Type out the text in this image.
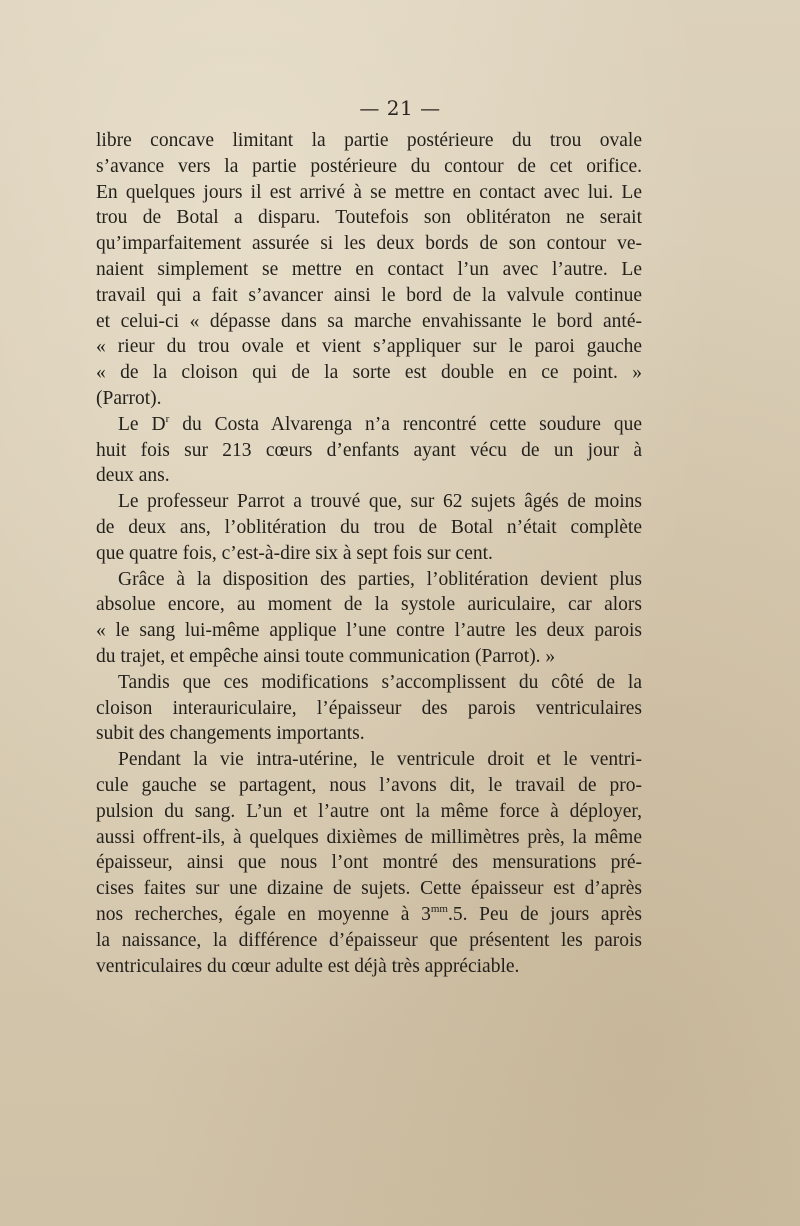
— 21 —
libre concave limitant la partie postérieure du trou ovale
s’avance vers la partie postérieure du contour de cet orifice.
En quelques jours il est arrivé à se mettre en contact avec lui. Le
trou de Botal a disparu. Toutefois son oblitératon ne serait
qu’imparfaitement assurée si les deux bords de son contour ve-
naient simplement se mettre en contact l’un avec l’autre. Le
travail qui a fait s’avancer ainsi le bord de la valvule continue
et celui-ci « dépasse dans sa marche envahissante le bord anté-
« rieur du trou ovale et vient s’appliquer sur le paroi gauche
« de la cloison qui de la sorte est double en ce point. »
(Parrot).
Le $D^r$ du Costa Alvarenga n’a rencontré cette soudure que
huit fois sur 213 cœurs d’enfants ayant vécu de un jour à
deux ans.
Le professeur Parrot a trouvé que, sur 62 sujets âgés de moins
de deux ans, l’oblitération du trou de Botal n’était complète
que quatre fois, c’est-à-dire six à sept fois sur cent.
Grâce à la disposition des parties, l’oblitération devient plus
absolue encore, au moment de la systole auriculaire, car alors
« le sang lui-même applique l’une contre l’autre les deux parois
du trajet, et empêche ainsi toute communication (Parrot). »
Tandis que ces modifications s’accomplissent du côté de la
cloison interauriculaire, l’épaisseur des parois ventriculaires
subit des changements importants.
Pendant la vie intra-utérine, le ventricule droit et le ventri-
cule gauche se partagent, nous l’avons dit, le travail de pro-
pulsion du sang. L’un et l’autre ont la même force à déployer,
aussi offrent-ils, à quelques dixièmes de millimètres près, la même
épaisseur, ainsi que nous l’ont montré des mensurations pré-
cises faites sur une dizaine de sujets. Cette épaisseur est d’après
nos recherches, égale en moyenne à $3^{mm}.5$. Peu de jours après
la naissance, la différence d’épaisseur que présentent les parois
ventriculaires du cœur adulte est déjà très appréciable.
